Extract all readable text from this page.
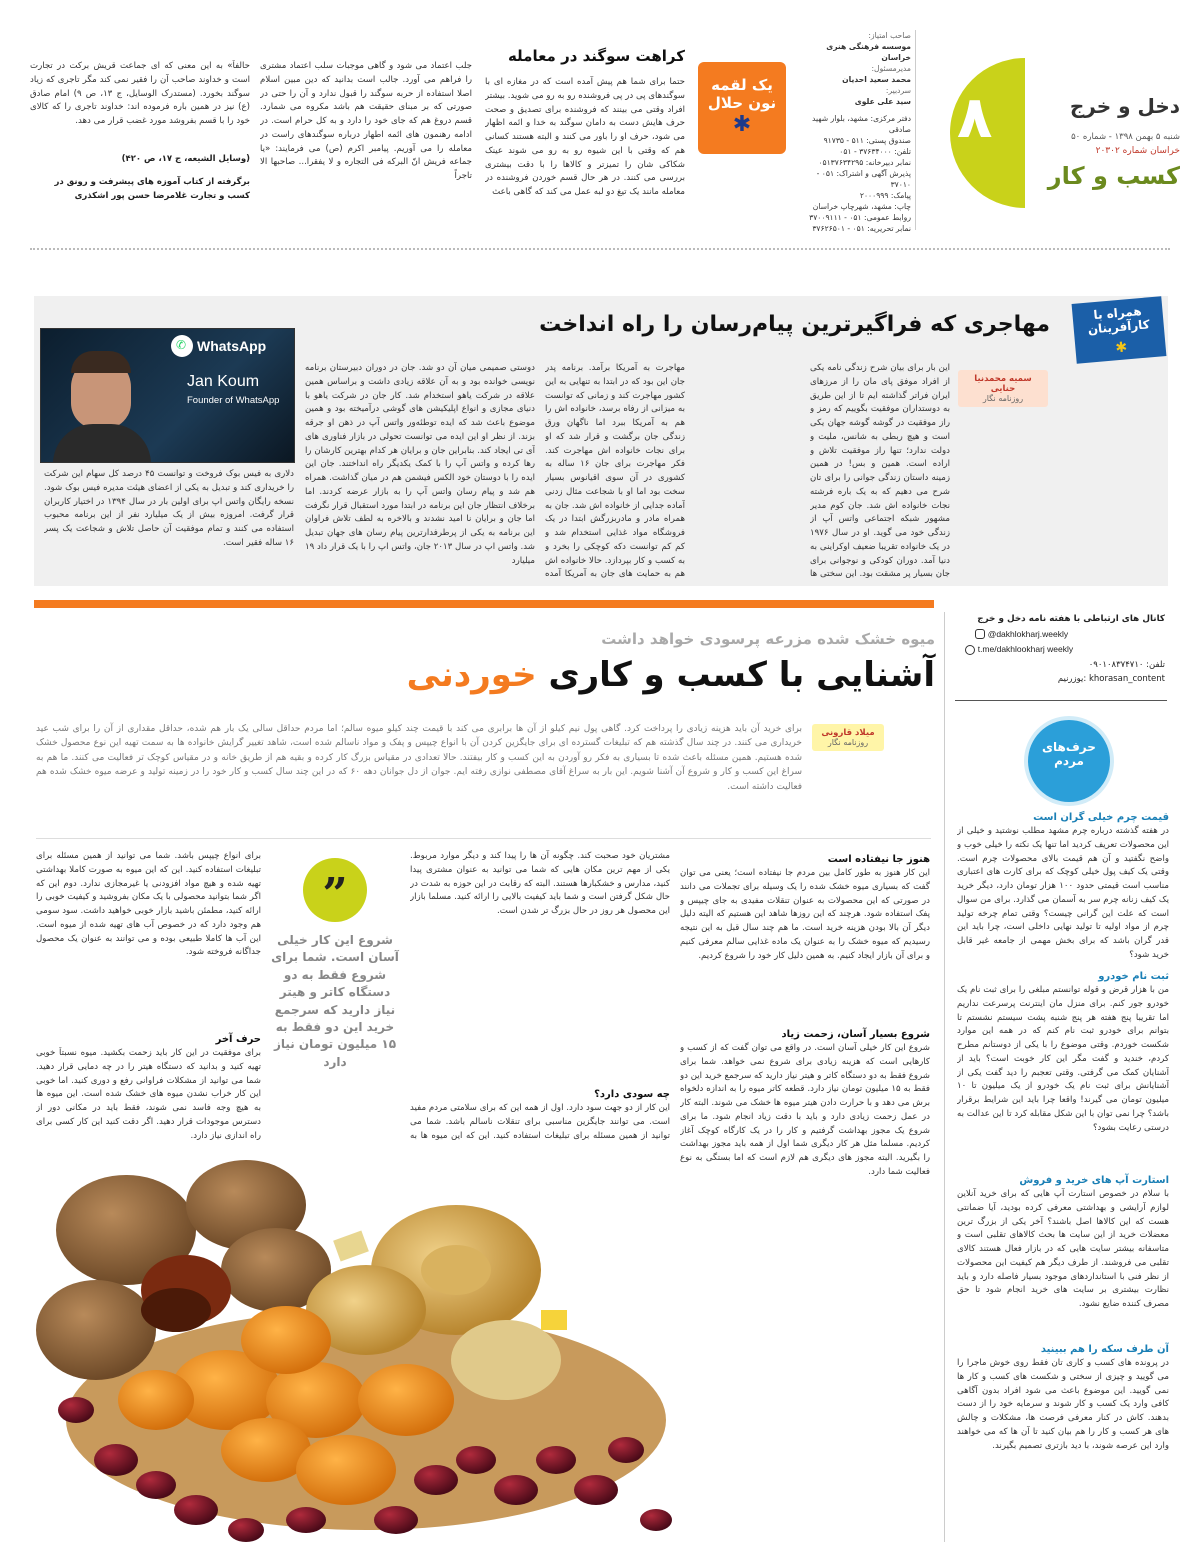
دخل و خرج
شنبه ۵ بهمن ۱۳۹۸ - شماره ۵۰
خراسان شماره ۲۰۳۰۲
کسب و کار
۸
صاحب امتیاز:
موسسه فرهنگی هنری خراسان
مدیرمسئول:
محمد سعید احدیان
سردبیر:
سید علی علوی
دفتر مرکزی: مشهد، بلوار شهید صادقی
صندوق پستی: ۵۱۱ - ۹۱۷۳۵
تلفن: ۳۷۶۳۴۰۰۰ - ۰۵۱
نمابر دبیرخانه: ۰۵۱۳۷۶۳۴۲۹۵
پذیرش آگهی و اشتراک: ۰۵۱ - ۳۷۰۱۰
پیامک: ۲۰۰۰۹۹۹
چاپ: مشهد، شهرچاپ خراسان
روابط عمومی: ۰۵۱ - ۳۷۰۰۹۱۱۱
نمابر تحریریه: ۰۵۱ - ۳۷۶۲۶۵۰۱
یک لقمه
نون حلال
✱
کراهت سوگند در معامله
حتما برای شما هم پیش آمده است که در مغازه ای با سوگندهای پی در پی فروشنده رو به رو می شوید. بیشتر افراد وقتی می بینند که فروشنده برای تصدیق و صحت حرف هایش دست به دامان سوگند به خدا و ائمه اظهار می شود، حرف او را باور می کنند و البته هستند کسانی هم که وقتی با این شیوه رو به رو می شوند عینک شکاکی شان را تمیزتر و کالاها را با دقت بیشتری بررسی می کنند. در هر حال قسم خوردن فروشنده در معامله مانند یک تیغ دو لبه عمل می کند که گاهی باعث
جلب اعتماد می شود و گاهی موجبات سلب اعتماد مشتری را فراهم می آورد. جالب است بدانید که دین مبین اسلام اصلا استفاده از حربه سوگند را قبول ندارد و آن را حتی در صورتی که بر مبنای حقیقت هم باشد مکروه می شمارد. قسم دروغ هم که جای خود را دارد و به کل حرام است. در ادامه رهنمون های ائمه اطهار درباره سوگندهای راست در معامله را می آوریم. پیامبر اکرم (ص) می فرمایند: «یا جماعه فریش انّ البرکه فی التجاره و لا یفقرا... صاحبها الا تاجراً
حالفاً» به این معنی که ای جماعت قریش برکت در تجارت است و خداوند صاحب آن را فقیر نمی کند مگر تاجری که زیاد سوگند بخورد. (مستدرک الوسایل، ج ۱۳، ص ۹) امام صادق (ع) نیز در همین باره فرموده اند: خداوند تاجری را که کالای خود را با قسم بفروشد مورد غضب قرار می دهد.
(وسایل الشیعه، ج ۱۷، ص ۴۲۰)
برگرفته از کتاب آموزه های پیشرفت و رونق در کسب و تجارت غلامرضا حسن پور اشکذری
همراه با
کارآفرینان
✱
مهاجری که فراگیرترین پیام‌رسان را راه انداخت
سمیه محمدنیا حنایی
روزنامه نگار
این بار برای بیان شرح زندگی نامه یکی از افراد موفق پای مان را از مرزهای ایران فراتر گذاشته ایم تا از این طریق به دوستداران موفقیت بگوییم که رمز و راز موفقیت در گوشه گوشه جهان یکی است و هیچ ربطی به شانس، ملیت و دولت ندارد؛ تنها راز موفقیت تلاش و اراده است. همین و بس! در همین زمینه داستان زندگی جوانی را برای تان شرح می دهیم که به یک باره فرشته نجات خانواده اش شد. جان کوم مدیر مشهور شبکه اجتماعی واتس آپ از زندگی خود می گوید. او در سال ۱۹۷۶ در یک خانواده تقریبا ضعیف اوکراینی به دنیا آمد. دوران کودکی و نوجوانی برای جان بسیار پر مشقت بود. این سختی ها
مهاجرت به آمریکا برآمد. برنامه پدر جان این بود که در ابتدا به تنهایی به این کشور مهاجرت کند و زمانی که توانست به میزانی از رفاه برسد، خانواده اش را هم به آمریکا ببرد اما ناگهان ورق زندگی جان برگشت و قرار شد که او برای نجات خانواده اش مهاجرت کند. فکر مهاجرت برای جان ۱۶ ساله به کشوری در آن سوی اقیانوس بسیار سخت بود اما او با شجاعت مثال زدنی آماده جدایی از خانواده اش شد. جان به همراه مادر و مادربزرگش ابتدا در یک فروشگاه مواد غذایی استخدام شد و کم کم توانست دکه کوچکی را بخرد و به کسب و کار بپردازد. حالا خانواده اش هم به حمایت های جان به آمریکا آمده
دوستی صمیمی میان آن دو شد. جان در دوران دبیرستان برنامه نویسی خوانده بود و به آن علاقه زیادی داشت و براساس همین علاقه در شرکت یاهو استخدام شد. کار جان در شرکت یاهو با دنیای مجازی و انواع اپلیکیشن های گوشی درآمیخته بود و همین موضوع باعث شد که ایده توطئه‌ور واتس آپ در ذهن او جرقه بزند. از نظر او این ایده می توانست تحولی در بازار فناوری های آی تی ایجاد کند. بنابراین جان و برایان هر کدام بهترین کارشان را رها کرده و واتس آپ را با کمک یکدیگر راه انداختند. جان این ایده را با دوستان خود الکس فیشمن هم در میان گذاشت. همراه هم شد و پیام رسان واتس آپ را به بازار عرضه کردند. اما برخلاف انتظار جان این برنامه در ابتدا مورد استقبال قرار نگرفت اما جان و برایان نا امید نشدند و بالاخره به لطف تلاش فراوان این برنامه به یکی از پرطرفدارترین پیام رسان های جهان تبدیل شد. واتس اپ در سال ۲۰۱۳ جان، واتس اپ را با یک قرار داد ۱۹ میلیارد
✆ WhatsApp
Jan Koum
Founder of WhatsApp
دلاری به فیس بوک فروخت و توانست ۴۵ درصد کل سهام این شرکت را خریداری کند و تبدیل به یکی از اعضای هیئت مدیره فیس بوک شود. نسخه رایگان واتس اپ برای اولین بار در سال ۱۳۹۴ در اختیار کاربران قرار گرفت. امروزه بیش از یک میلیارد نفر از این برنامه محبوب استفاده می کنند و تمام موفقیت آن حاصل تلاش و شجاعت یک پسر ۱۶ ساله فقیر است.
کانال های ارتباطی با هفته نامه دخل و خرج
@dakhlokharj.weekly
t.me/dakhlookharj weekly
تلفن: ۰۹۰۱۰۸۳۷۴۷۱۰
khorasan_content :یوزرنیم
حرف‌های
مردم
قیمت چرم خیلی گران است
در هفته گذشته درباره چرم مشهد مطلب نوشتید و خیلی از این محصولات تعریف کردید اما تنها یک نکته را خیلی خوب و واضح نگفتید و آن هم قیمت بالای محصولات چرم است. وقتی یک کیف پول خیلی کوچک که برای کارت های اعتباری مناسب است قیمتی حدود ۱۰۰ هزار تومان دارد، دیگر خرید یک کیف زنانه چرم سر به آسمان می گذارد. برای من سوال است که علت این گرانی چیست؟ وقتی تمام چرخه تولید چرم از مواد اولیه تا تولید نهایی داخلی است، چرا باید این قدر گران باشد که برای بخش مهمی از جامعه غیر قابل خرید شود؟
ثبت نام خودرو
من با هزار قرض و قوله توانستم مبلغی را برای ثبت نام یک خودرو جور کنم. برای منزل مان اینترنت پرسرعت نداریم اما تقریبا پنج هفته هر پنج شنبه پشت سیستم نشستم تا بتوانم برای خودرو ثبت نام کنم که در همه این موارد شکست خوردم. وقتی موضوع را با یکی از دوستانم مطرح کردم، خندید و گفت مگر این کار خوبت است؟ باید از آشنایان کمک می گرفتی. وقتی تعجبم را دید گفت یکی از آشنایانش برای ثبت نام یک خودرو از یک میلیون تا ۱۰ میلیون تومان می گیرند! واقعا چرا باید این شرایط برقرار باشد؟ چرا نمی توان با این شکل مقابله کرد تا این عدالت به درستی رعایت بشود؟
استارت آپ های خرید و فروش
با سلام در خصوص استارت آپ هایی که برای خرید آنلاین لوازم آرایشی و بهداشتی معرفی کرده بودید، آیا ضمانتی هست که این کالاها اصل باشند؟ آخر یکی از بزرگ ترین معضلات خرید از این سایت ها بحث کالاهای تقلبی است و متاسفانه بیشتر سایت هایی که در بازار فعال هستند کالای تقلبی می فروشند. از طرف دیگر هم کیفیت این محصولات از نظر فنی با استانداردهای موجود بسیار فاصله دارد و باید نظارت بیشتری بر سایت های خرید انجام شود تا حق مصرف کننده ضایع نشود.
آن طرف سکه را هم ببینید
در پرونده های کسب و کاری تان فقط روی خوش ماجرا را می گویید و چیزی از سختی و شکست های کسب و کار ها نمی گویید. این موضوع باعث می شود افراد بدون آگاهی کافی وارد یک کسب و کار شوند و سرمایه خود را از دست بدهند. کاش در کنار معرفی فرصت ها، مشکلات و چالش های هر کسب و کار را هم بیان کنید تا آن ها که می خواهند وارد این عرصه شوند، با دید بازتری تصمیم بگیرند.
میوه خشک شده مزرعه پرسودی خواهد داشت
آشنایی با کسب و کاری خوردنی
میلاد قارونی
روزنامه نگار
برای خرید آن باید هزینه زیادی را پرداخت کرد. گاهی پول نیم کیلو از آن ها برابری می کند با قیمت چند کیلو میوه سالم؛ اما مردم حداقل سالی یک بار هم شده، حداقل مقداری از آن را برای شب عید خریداری می کنند. در چند سال گذشته هم که تبلیغات گسترده ای برای جایگزین کردن آن با انواع چیپس و پفک و مواد ناسالم شده است، شاهد تغییر گرایش خانواده ها به سمت تهیه این نوع محصول خشک شده هستیم. همین مسئله باعث شده تا بسیاری به فکر رو آوردن به این کسب و کار بیفتند. حالا تعدادی در مقیاس بزرگ کار کرده و بقیه هم از طریق خانه و در مقیاس کوچک تر فعالیت می کنند. ما هم به سراغ این کسب و کار و شروع آن آشنا شویم. این بار به سراغ آقای مصطفی نوازی رفته ایم. جوان از دل جوانان دهه ۶۰ که در این چند سال کسب و کار خود را در زمینه تولید و عرضه میوه خشک شده هم فعالیت داشته است.
هنوز جا نیفتاده است
این کار هنوز به طور کامل بین مردم جا نیفتاده است؛ یعنی می توان گفت که بسیاری میوه خشک شده را یک وسیله برای تجملات می دانند در صورتی که این محصولات به عنوان تنقلات مفیدی به جای چیپس و پفک استفاده شود. هرچند که این روزها شاهد این هستیم که الیته دلیل دیگر آن بالا بودن هزینه خرید است. ما هم چند سال قبل به این نتیجه رسیدیم که میوه خشک را به عنوان یک ماده غذایی سالم معرفی کنیم و برای آن بازار ایجاد کنیم. به همین دلیل کار خود را شروع کردیم.
شروع بسیار آسان، زحمت زیاد
شروع این کار خیلی آسان است. در واقع می توان گفت که از کسب و کارهایی است که هزینه زیادی برای شروع نمی خواهد. شما برای شروع فقط به دو دستگاه کاتر و هیتر نیاز دارید که سرجمع خرید این دو فقط به ۱۵ میلیون تومان نیاز دارد. قطعه کاتر میوه را به اندازه دلخواه برش می دهد و با حرارت دادن هیتر میوه ها خشک می شوند. البته کار در عمل زحمت زیادی دارد و باید با دقت زیاد انجام شود. ما برای شروع یک مجوز بهداشت گرفتیم و کار را در یک کارگاه کوچک آغاز کردیم. مسلما مثل هر کار دیگری شما اول از همه باید مجوز بهداشت را بگیرید. البته مجوز های دیگری هم لازم است که اما بستگی به نوع فعالیت شما دارد.
مشتریان خود صحبت کند. چگونه آن ها را پیدا کند و دیگر موارد مربوط. یکی از مهم ترین مکان هایی که شما می توانید به عنوان مشتری پیدا کنید، مدارس و خشکبارها هستند. البته که رقابت در این حوزه به شدت در حال شکل گرفتن است و شما باید کیفیت بالایی را ارائه کنید. مسلما بازار این محصول هر روز در حال بزرگ تر شدن است.
چه سودی دارد؟
این کار از دو جهت سود دارد. اول از همه این که برای سلامتی مردم مفید است. می توانند جایگزین مناسبی برای تنقلات ناسالم باشد. شما می توانید از همین مسئله برای تبلیغات استفاده کنید. این که این میوه ها به
”
شروع این کار خیلی آسان است. شما برای شروع فقط به دو دستگاه کاتر و هیتر نیاز دارید که سرجمع خرید این دو فقط به ۱۵ میلیون تومان نیاز دارد
برای انواع چیپس باشد. شما می توانید از همین مسئله برای تبلیغات استفاده کنید. این که این میوه به صورت کاملا بهداشتی تهیه شده و هیچ مواد افزودنی یا غیرمجازی ندارد. دوم این که اگر شما بتوانید محصولی با یک مکان بفروشید و کیفیت خوبی را ارائه کنید، مطمئن باشید بازار خوبی خواهید داشت. سود سومی هم وجود دارد که در خصوص آب های تهیه شده از میوه است. این آب ها کاملا طبیعی بوده و می توانند به عنوان یک محصول جداگانه فروخته شود.
حرف آخر
برای موفقیت در این کار باید زحمت بکشید. میوه نسبتاً خوبی تهیه کنید و بدانید که دستگاه هیتر را در چه دمایی قرار دهید. شما می توانید از مشکلات فراوانی رفع و دوری کنید. اما خوبی این کار خراب نشدن میوه های خشک شده است. این میوه ها به هیچ وجه فاسد نمی شوند، فقط باید در مکانی دور از دسترس موجودات قرار دهید. اگر دقت کنید این کار کسی برای راه اندازی نیاز دارد.
